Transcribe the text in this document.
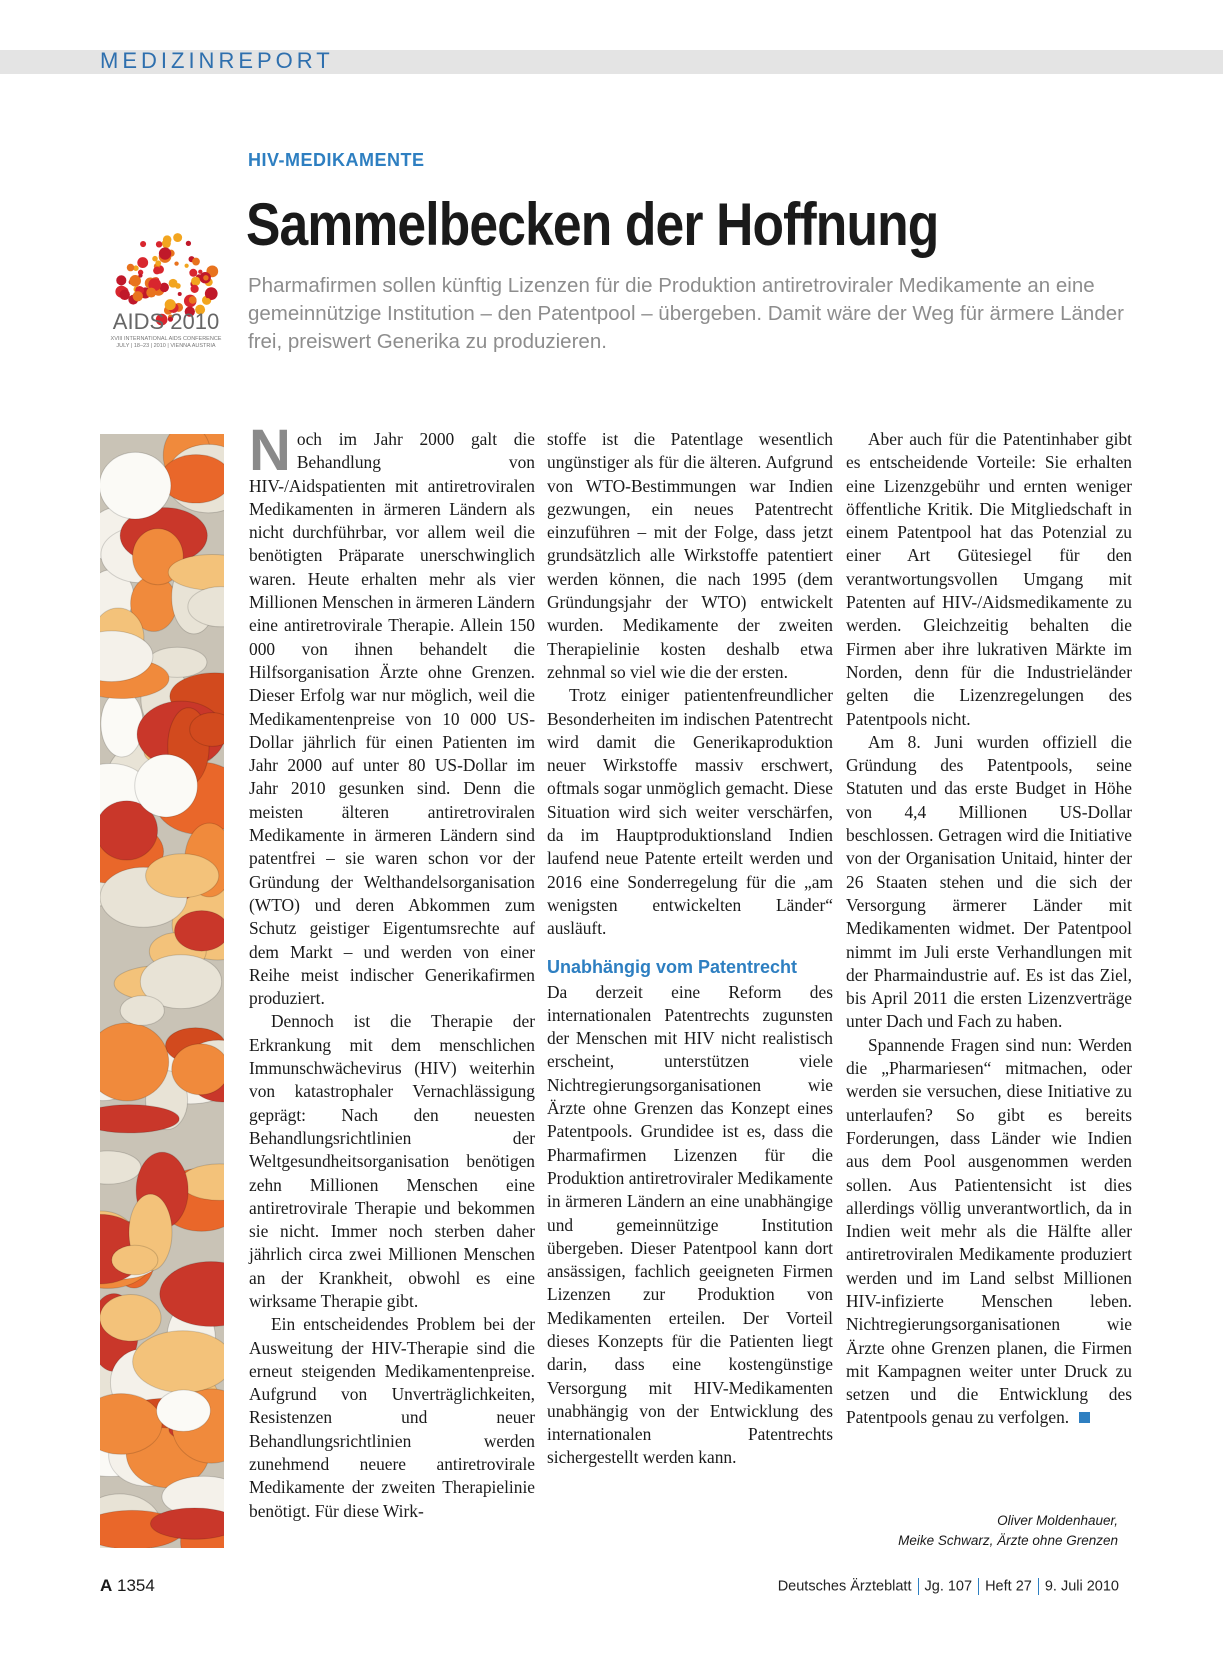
MEDIZINREPORT
AIDS 2010
XVIII INTERNATIONAL AIDS CONFERENCE
JULY | 18–23 | 2010 | VIENNA AUSTRIA
HIV-MEDIKAMENTE
Sammelbecken der Hoffnung
Pharmafirmen sollen künftig Lizenzen für die Produktion antiretroviraler Medikamente an eine gemeinnützige Institution – den Patentpool – übergeben. Damit wäre der Weg für ärmere Länder frei, preiswert Generika zu produzieren.

Noch im Jahr 2000 galt die Behandlung von HIV-/Aidspatienten mit antiretroviralen Medikamenten in ärmeren Ländern als nicht durchführbar, vor allem weil die benötigten Präparate unerschwinglich waren. Heute erhalten mehr als vier Millionen Menschen in ärmeren Ländern eine antiretrovirale Therapie. Allein 150 000 von ihnen behandelt die Hilfsorganisation Ärzte ohne Grenzen. Dieser Erfolg war nur möglich, weil die Medikamentenpreise von 10 000 US-Dollar jährlich für einen Patienten im Jahr 2000 auf unter 80 US-Dollar im Jahr 2010 gesunken sind. Denn die meisten älteren antiretroviralen Medikamente in ärmeren Ländern sind patentfrei – sie waren schon vor der Gründung der Welthandelsorganisation (WTO) und deren Abkommen zum Schutz geistiger Eigentumsrechte auf dem Markt – und werden von einer Reihe meist indischer Generikafirmen produziert.

Dennoch ist die Therapie der Erkrankung mit dem menschlichen Immunschwächevirus (HIV) weiterhin von katastrophaler Vernachlässigung geprägt: Nach den neuesten Behandlungsrichtlinien der Weltgesundheitsorganisation benötigen zehn Millionen Menschen eine antiretrovirale Therapie und bekommen sie nicht. Immer noch sterben daher jährlich circa zwei Millionen Menschen an der Krankheit, obwohl es eine wirksame Therapie gibt.

Ein entscheidendes Problem bei der Ausweitung der HIV-Therapie sind die erneut steigenden Medikamentenpreise. Aufgrund von Unverträglichkeiten, Resistenzen und neuer Behandlungsrichtlinien werden zunehmend neuere antiretrovirale Medikamente der zweiten Therapielinie benötigt. Für diese Wirk-

stoffe ist die Patentlage wesentlich ungünstiger als für die älteren. Aufgrund von WTO-Bestimmungen war Indien gezwungen, ein neues Patentrecht einzuführen – mit der Folge, dass jetzt grundsätzlich alle Wirkstoffe patentiert werden können, die nach 1995 (dem Gründungsjahr der WTO) entwickelt wurden. Medikamente der zweiten Therapielinie kosten deshalb etwa zehnmal so viel wie die der ersten.

Trotz einiger patientenfreundlicher Besonderheiten im indischen Patentrecht wird damit die Generikaproduktion neuer Wirkstoffe massiv erschwert, oftmals sogar unmöglich gemacht. Diese Situation wird sich weiter verschärfen, da im Hauptproduktionsland Indien laufend neue Patente erteilt werden und 2016 eine Sonderregelung für die „am wenigsten entwickelten Länder“ ausläuft.

Unabhängig vom Patentrecht

Da derzeit eine Reform des internationalen Patentrechts zugunsten der Menschen mit HIV nicht realistisch erscheint, unterstützen viele Nichtregierungsorganisationen wie Ärzte ohne Grenzen das Konzept eines Patentpools. Grundidee ist es, dass die Pharmafirmen Lizenzen für die Produktion antiretroviraler Medikamente in ärmeren Ländern an eine unabhängige und gemeinnützige Institution übergeben. Dieser Patentpool kann dort ansässigen, fachlich geeigneten Firmen Lizenzen zur Produktion von Medikamenten erteilen. Der Vorteil dieses Konzepts für die Patienten liegt darin, dass eine kostengünstige Versorgung mit HIV-Medikamenten unabhängig von der Entwicklung des internationalen Patentrechts sichergestellt werden kann.

Aber auch für die Patentinhaber gibt es entscheidende Vorteile: Sie erhalten eine Lizenzgebühr und ernten weniger öffentliche Kritik. Die Mitgliedschaft in einem Patentpool hat das Potenzial zu einer Art Gütesiegel für den verantwortungsvollen Umgang mit Patenten auf HIV-/Aidsmedikamente zu werden. Gleichzeitig behalten die Firmen aber ihre lukrativen Märkte im Norden, denn für die Industrieländer gelten die Lizenzregelungen des Patentpools nicht.

Am 8. Juni wurden offiziell die Gründung des Patentpools, seine Statuten und das erste Budget in Höhe von 4,4 Millionen US-Dollar beschlossen. Getragen wird die Initiative von der Organisation Unitaid, hinter der 26 Staaten stehen und die sich der Versorgung ärmerer Länder mit Medikamenten widmet. Der Patentpool nimmt im Juli erste Verhandlungen mit der Pharmaindustrie auf. Es ist das Ziel, bis April 2011 die ersten Lizenzverträge unter Dach und Fach zu haben.

Spannende Fragen sind nun: Werden die „Pharmariesen“ mitmachen, oder werden sie versuchen, diese Initiative zu unterlaufen? So gibt es bereits Forderungen, dass Länder wie Indien aus dem Pool ausgenommen werden sollen. Aus Patientensicht ist dies allerdings völlig unverantwortlich, da in Indien weit mehr als die Hälfte aller antiretroviralen Medikamente produziert werden und im Land selbst Millionen HIV-infizierte Menschen leben. Nichtregierungsorganisationen wie Ärzte ohne Grenzen planen, die Firmen mit Kampagnen weiter unter Druck zu setzen und die Entwicklung des Patentpools genau zu verfolgen.

Oliver Moldenhauer,
Meike Schwarz, Ärzte ohne Grenzen
A 1354	Deutsches Ärzteblatt Jg. 107 Heft 27 9. Juli 2010
